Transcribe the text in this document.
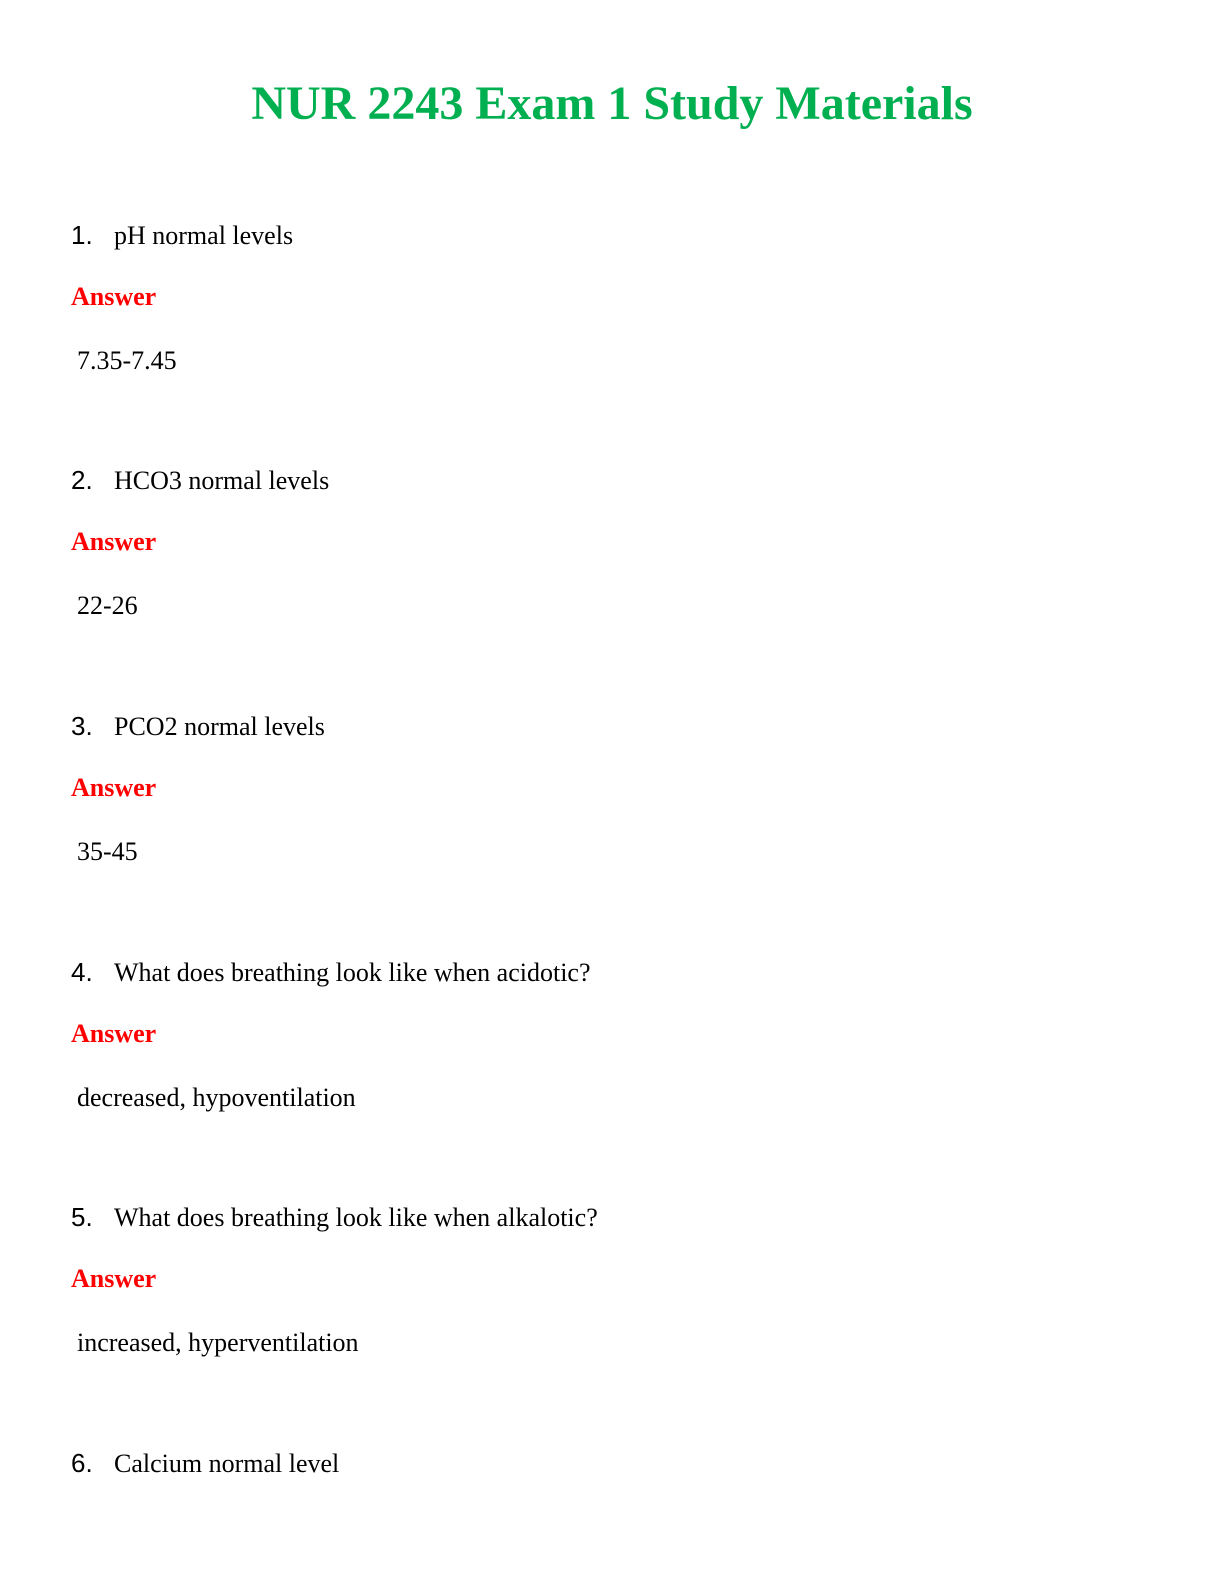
NUR 2243 Exam 1 Study Materials
1. pH normal levels
Answer
7.35-7.45
2. HCO3 normal levels
Answer
22-26
3. PCO2 normal levels
Answer
35-45
4. What does breathing look like when acidotic?
Answer
decreased, hypoventilation
5. What does breathing look like when alkalotic?
Answer
increased, hyperventilation
6. Calcium normal level
